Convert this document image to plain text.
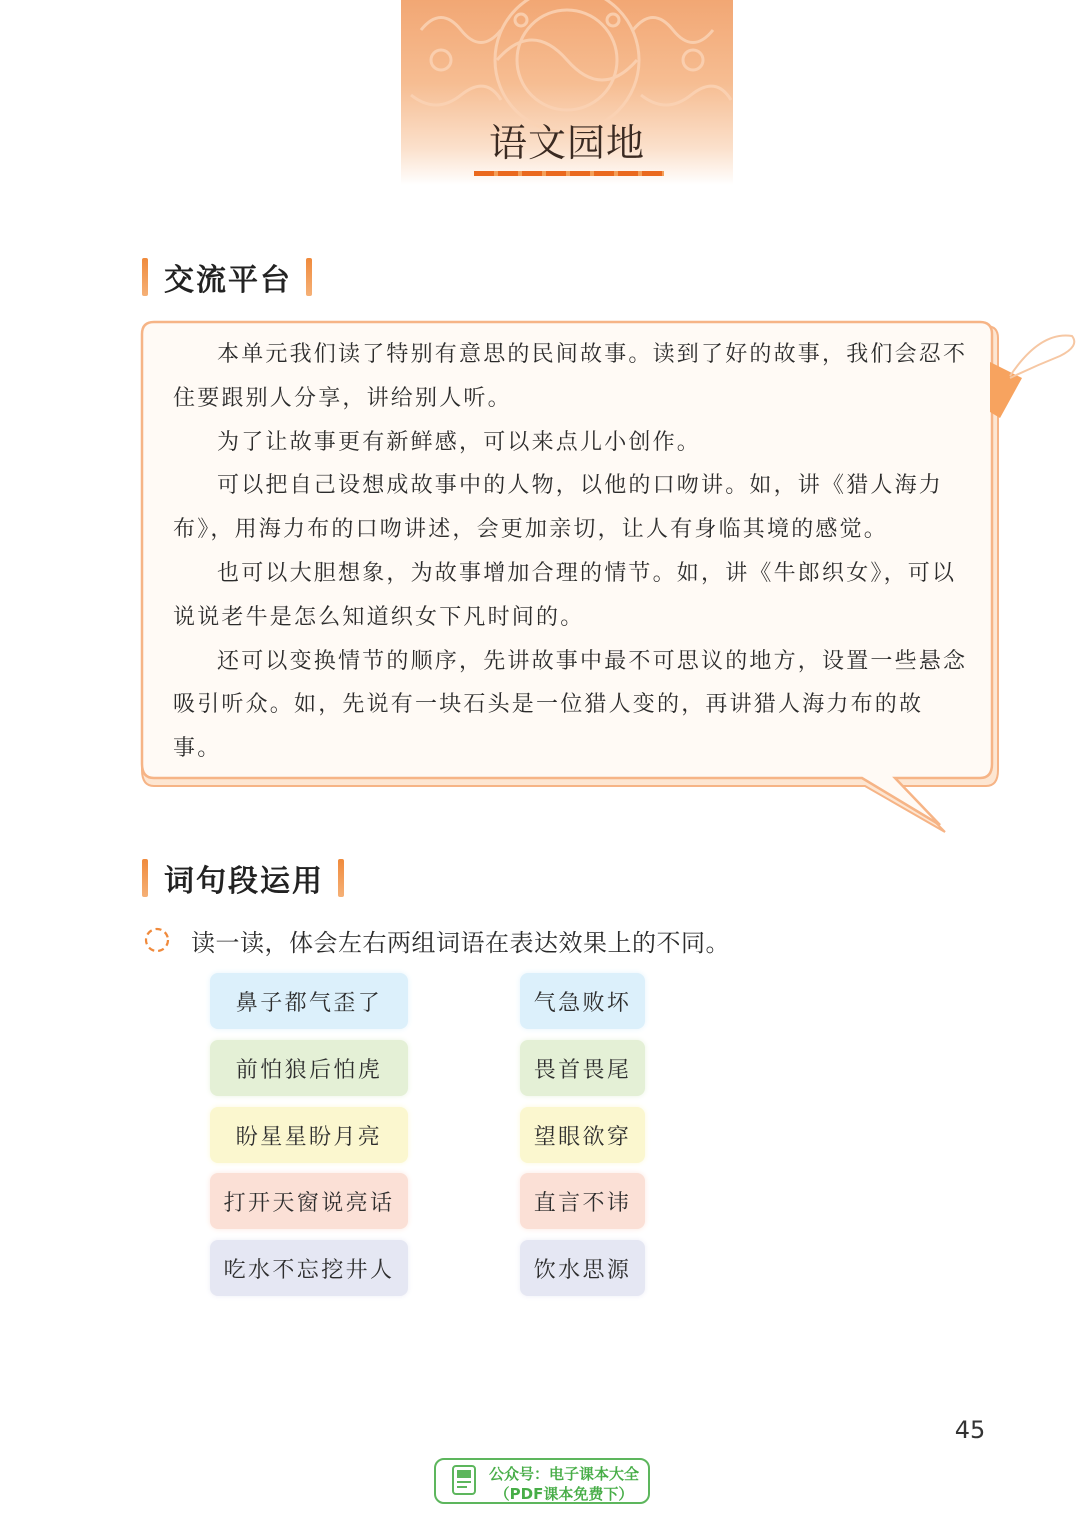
语文园地
交流平台

本单元我们读了特别有意思的民间故事。读到了好的故事，我们会忍不住要跟别人分享，讲给别人听。

为了让故事更有新鲜感，可以来点儿小创作。

可以把自己设想成故事中的人物，以他的口吻讲。如，讲《猎人海力布》，用海力布的口吻讲述，会更加亲切，让人有身临其境的感觉。

也可以大胆想象，为故事增加合理的情节。如，讲《牛郎织女》，可以说说老牛是怎么知道织女下凡时间的。

还可以变换情节的顺序，先讲故事中最不可思议的地方，设置一些悬念吸引听众。如，先说有一块石头是一位猎人变的，再讲猎人海力布的故事。

词句段运用
读一读，体会左右两组词语在表达效果上的不同。
鼻子都气歪了	气急败坏
前怕狼后怕虎	畏首畏尾
盼星星盼月亮	望眼欲穿
打开天窗说亮话	直言不讳
吃水不忘挖井人	饮水思源
45
公众号：电子课本大全
（PDF课本免费下）
